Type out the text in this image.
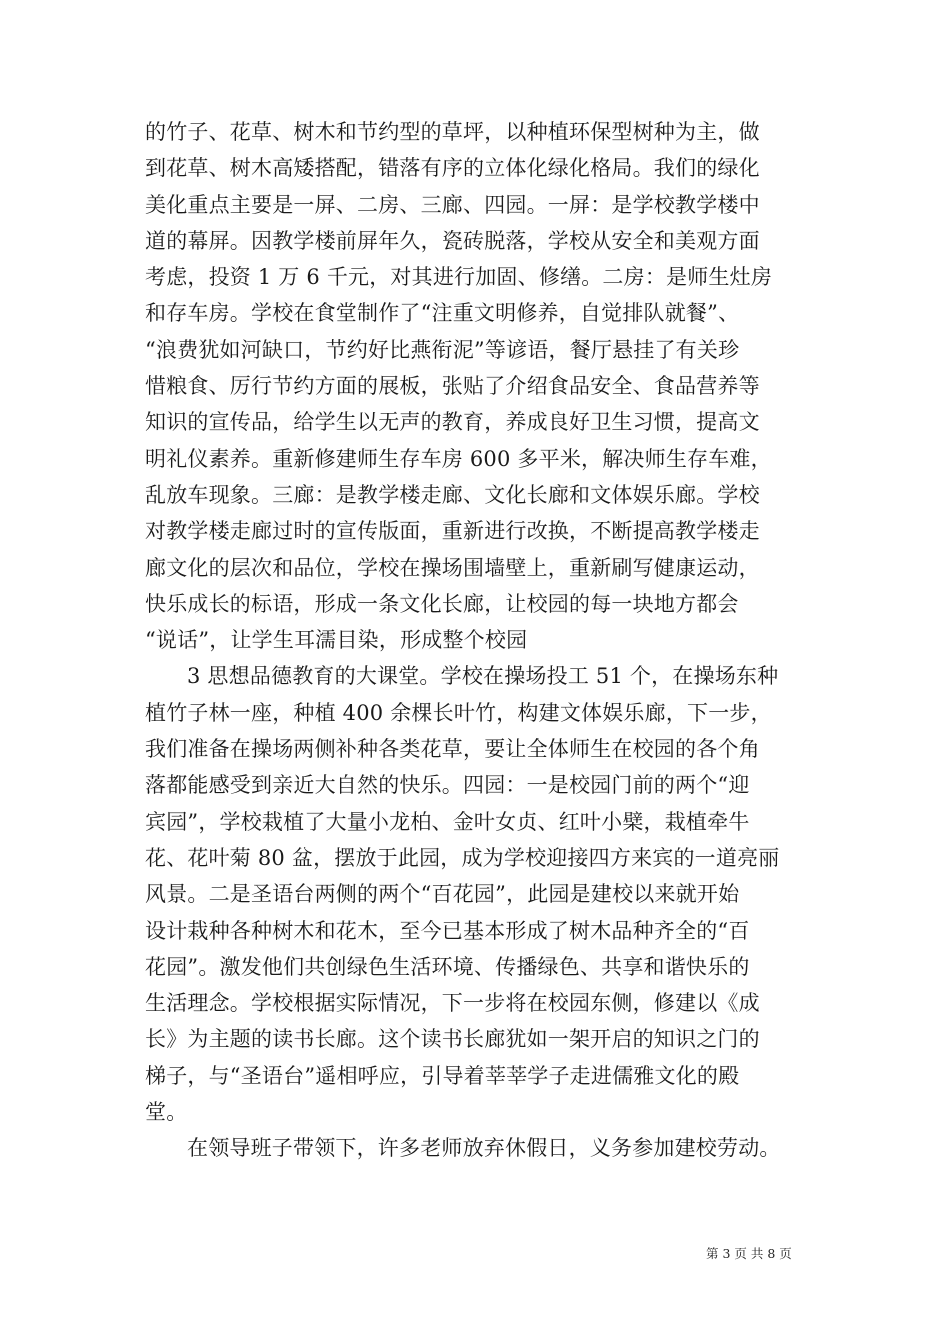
的竹子、花草、树木和节约型的草坪，以种植环保型树种为主，做
到花草、树木高矮搭配，错落有序的立体化绿化格局。我们的绿化
美化重点主要是一屏、二房、三廊、四园。一屏：是学校教学楼中
道的幕屏。因教学楼前屏年久，瓷砖脱落，学校从安全和美观方面
考虑，投资 1 万 6 千元，对其进行加固、修缮。二房：是师生灶房
和存车房。学校在食堂制作了“注重文明修养，自觉排队就餐”、
“浪费犹如河缺口，节约好比燕衔泥”等谚语，餐厅悬挂了有关珍
惜粮食、厉行节约方面的展板，张贴了介绍食品安全、食品营养等
知识的宣传品，给学生以无声的教育，养成良好卫生习惯，提高文
明礼仪素养。重新修建师生存车房 600 多平米，解决师生存车难，
乱放车现象。三廊：是教学楼走廊、文化长廊和文体娱乐廊。学校
对教学楼走廊过时的宣传版面，重新进行改换，不断提高教学楼走
廊文化的层次和品位，学校在操场围墙壁上，重新刷写健康运动，
快乐成长的标语，形成一条文化长廊，让校园的每一块地方都会
“说话”，让学生耳濡目染，形成整个校园
3 思想品德教育的大课堂。学校在操场投工 51 个，在操场东种
植竹子林一座，种植 400 余棵长叶竹，构建文体娱乐廊，下一步，
我们准备在操场两侧补种各类花草，要让全体师生在校园的各个角
落都能感受到亲近大自然的快乐。四园：一是校园门前的两个“迎
宾园”，学校栽植了大量小龙柏、金叶女贞、红叶小檗，栽植牵牛
花、花叶菊 80 盆，摆放于此园，成为学校迎接四方来宾的一道亮丽
风景。二是圣语台两侧的两个“百花园”，此园是建校以来就开始
设计栽种各种树木和花木，至今已基本形成了树木品种齐全的“百
花园”。激发他们共创绿色生活环境、传播绿色、共享和谐快乐的
生活理念。学校根据实际情况，下一步将在校园东侧，修建以《成
长》为主题的读书长廊。这个读书长廊犹如一架开启的知识之门的
梯子，与“圣语台”遥相呼应，引导着莘莘学子走进儒雅文化的殿
堂。
在领导班子带领下，许多老师放弃休假日，义务参加建校劳动。
第 3 页 共 8 页
